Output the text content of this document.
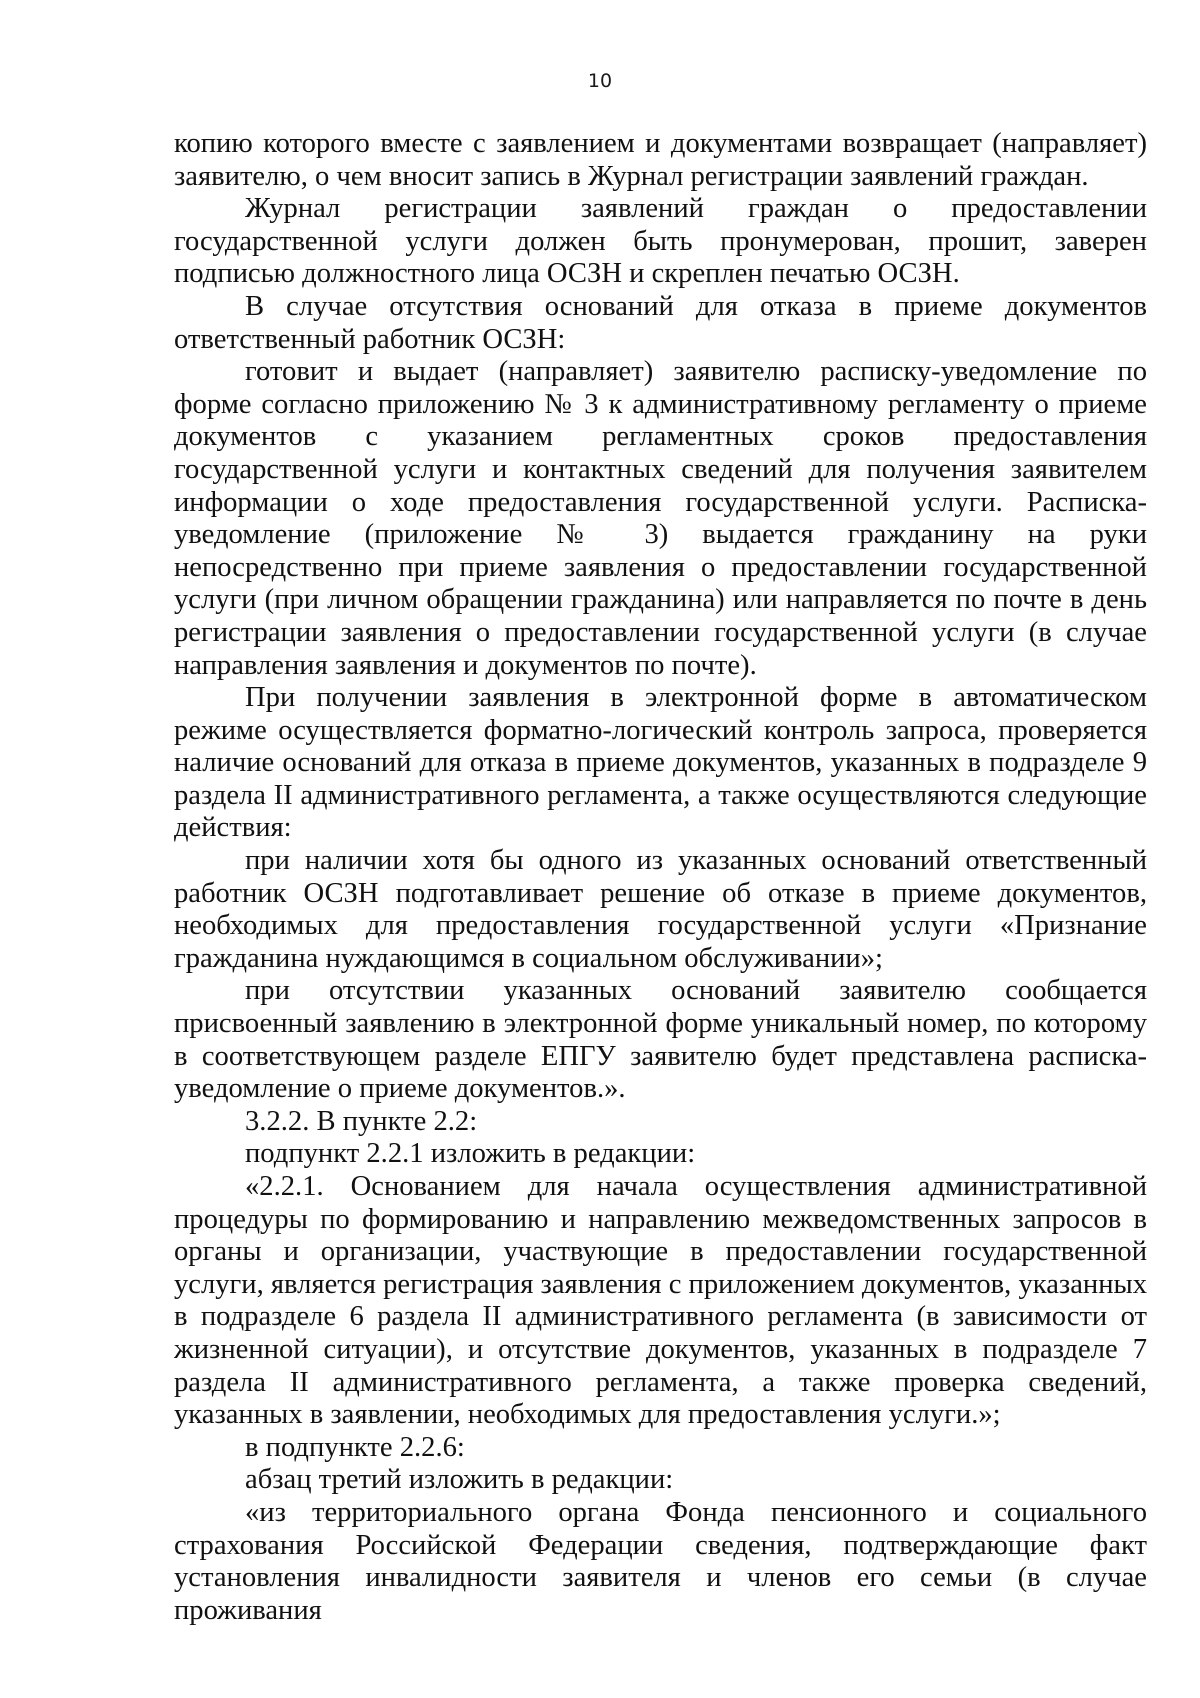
10

копию которого вместе с заявлением и документами возвращает (направляет) заявителю, о чем вносит запись в Журнал регистрации заявлений граждан.

Журнал регистрации заявлений граждан о предоставлении государственной услуги должен быть пронумерован, прошит, заверен подписью должностного лица ОСЗН и скреплен печатью ОСЗН.

В случае отсутствия оснований для отказа в приеме документов ответственный работник ОСЗН:

готовит и выдает (направляет) заявителю расписку-уведомление по форме согласно приложению № 3 к административному регламенту о приеме документов с указанием регламентных сроков предоставления государственной услуги и контактных сведений для получения заявителем информации о ходе предоставления государственной услуги. Расписка-уведомление (приложение № 3) выдается гражданину на руки непосредственно при приеме заявления о предоставлении государственной услуги (при личном обращении гражданина) или направляется по почте в день регистрации заявления о предоставлении государственной услуги (в случае направления заявления и документов по почте).

При получении заявления в электронной форме в автоматическом режиме осуществляется форматно-логический контроль запроса, проверяется наличие оснований для отказа в приеме документов, указанных в подразделе 9 раздела II административного регламента, а также осуществляются следующие действия:

при наличии хотя бы одного из указанных оснований ответственный работник ОСЗН подготавливает решение об отказе в приеме документов, необходимых для предоставления государственной услуги «Признание гражданина нуждающимся в социальном обслуживании»;

при отсутствии указанных оснований заявителю сообщается присвоенный заявлению в электронной форме уникальный номер, по которому в соответствующем разделе ЕПГУ заявителю будет представлена расписка-уведомление о приеме документов.».

3.2.2. В пункте 2.2:

подпункт 2.2.1 изложить в редакции:

«2.2.1. Основанием для начала осуществления административной процедуры по формированию и направлению межведомственных запросов в органы и организации, участвующие в предоставлении государственной услуги, является регистрация заявления с приложением документов, указанных в подразделе 6 раздела II административного регламента (в зависимости от жизненной ситуации), и отсутствие документов, указанных в подразделе 7 раздела II административного регламента, а также проверка сведений, указанных в заявлении, необходимых для предоставления услуги.»;

в подпункте 2.2.6:

абзац третий изложить в редакции:

«из территориального органа Фонда пенсионного и социального страхования Российской Федерации сведения, подтверждающие факт установления инвалидности заявителя и членов его семьи (в случае проживания
